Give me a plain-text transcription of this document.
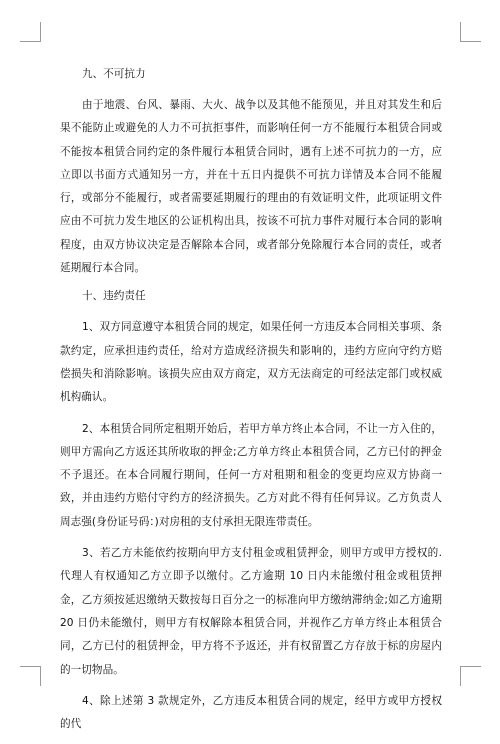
九、不可抗力

由于地震、台风、暴雨、大火、战争以及其他不能预见，并且对其发生和后果不能防止或避免的人力不可抗拒事件，而影响任何一方不能履行本租赁合同或不能按本租赁合同约定的条件履行本租赁合同时，遇有上述不可抗力的一方，应立即以书面方式通知另一方，并在十五日内提供不可抗力详情及本合同不能履行，或部分不能履行，或者需要延期履行的理由的有效证明文件，此项证明文件应由不可抗力发生地区的公证机构出具，按该不可抗力事件对履行本合同的影响程度，由双方协议决定是否解除本合同，或者部分免除履行本合同的责任，或者延期履行本合同。

十、违约责任

1、双方同意遵守本租赁合同的规定，如果任何一方违反本合同相关事项、条款约定，应承担违约责任，给对方造成经济损失和影响的，违约方应向守约方赔偿损失和消除影响。该损失应由双方商定，双方无法商定的可经法定部门或权威机构确认。

2、本租赁合同所定租期开始后，若甲方单方终止本合同，不让一方入住的，则甲方需向乙方返还其所收取的押金;乙方单方终止本租赁合同，乙方已付的押金不予退还。在本合同履行期间，任何一方对租期和租金的变更均应双方协商一致，并由违约方赔付守约方的经济损失。乙方对此不得有任何异议。乙方负责人周志强(身份证号码：)对房租的支付承担无限连带责任。

3、若乙方未能依约按期向甲方支付租金或租赁押金，则甲方或甲方授权的.代理人有权通知乙方立即予以缴付。乙方逾期 10 日内未能缴付租金或租赁押金，乙方须按延迟缴纳天数按每日百分之一的标准向甲方缴纳滞纳金;如乙方逾期 20 日仍未能缴付，则甲方有权解除本租赁合同，并视作乙方单方终止本租赁合同，乙方已付的租赁押金，甲方将不予返还，并有权留置乙方存放于标的房屋内的一切物品。

4、除上述第 3 款规定外，乙方违反本租赁合同的规定，经甲方或甲方授权的代
